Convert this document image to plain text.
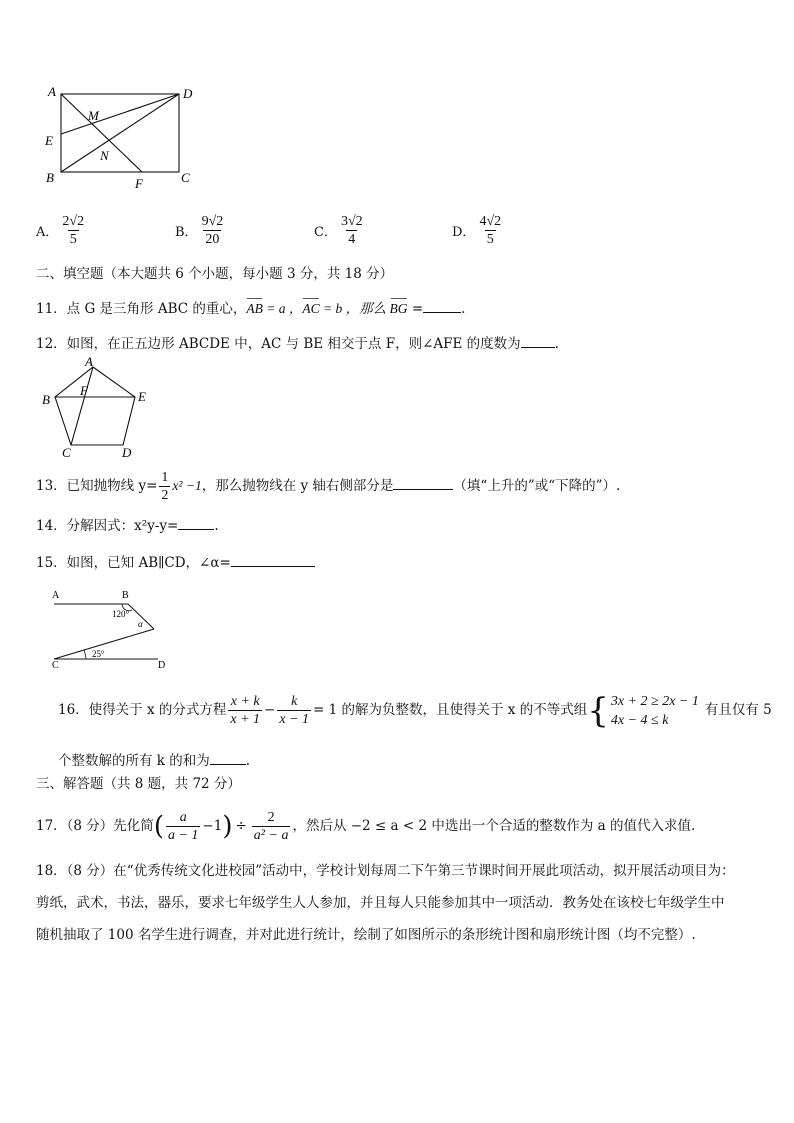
A	D
M
E
N
B	F	C
A． $\frac{2√2}{5}$	B． $\frac{9√2}{20}$	C． $\frac{3√2}{4}$	D． $\frac{4√2}{5}$
二、填空题（本大题共 6 个小题，每小题 3 分，共 18 分）
11．点 G 是三角形 ABC 的重心，AB = a ，AC = b ，那么 BG =	.
12．如图，在正五边形 ABCDE 中，AC 与 BE 相交于点 F，则∠AFE 的度数为	.
A
F
B	E
C	D
13．已知抛物线 $y= \frac{1}{2} x^2 -1$，那么抛物线在 y 轴右侧部分是	（填“上升的”或“下降的”）.
14．分解因式：x²y-y=	.
15．如图，已知 AB∥CD，∠α=
A	B
C	D
120°
α
25°
16．使得关于 x 的分式方程 $\frac{x + k}{x + 1} - \frac{k}{x - 1} = 1$ 的解为负整数，且使得关于 x 的不等式组 { 3x + 2 ≥ 2x − 1
4x − 4 ≤ k
有且仅有 5
个整数解的所有 k 的和为	.
三、解答题（共 8 题，共 72 分）
17．（8 分）先化简( $\frac{a}{a - 1} -1) \div \frac{2}{\text{a² − a}}$ ，然后从 −2 ≤ a < 2 中选出一个合适的整数作为 a 的值代入求值.
18．（8 分）在“优秀传统文化进校园”活动中，学校计划每周二下午第三节课时间开展此项活动，拟开展活动项目为：
剪纸，武术，书法，器乐，要求七年级学生人人参加，并且每人只能参加其中一项活动．教务处在该校七年级学生中
随机抽取了 100 名学生进行调查，并对此进行统计，绘制了如图所示的条形统计图和扇形统计图（均不完整）.
